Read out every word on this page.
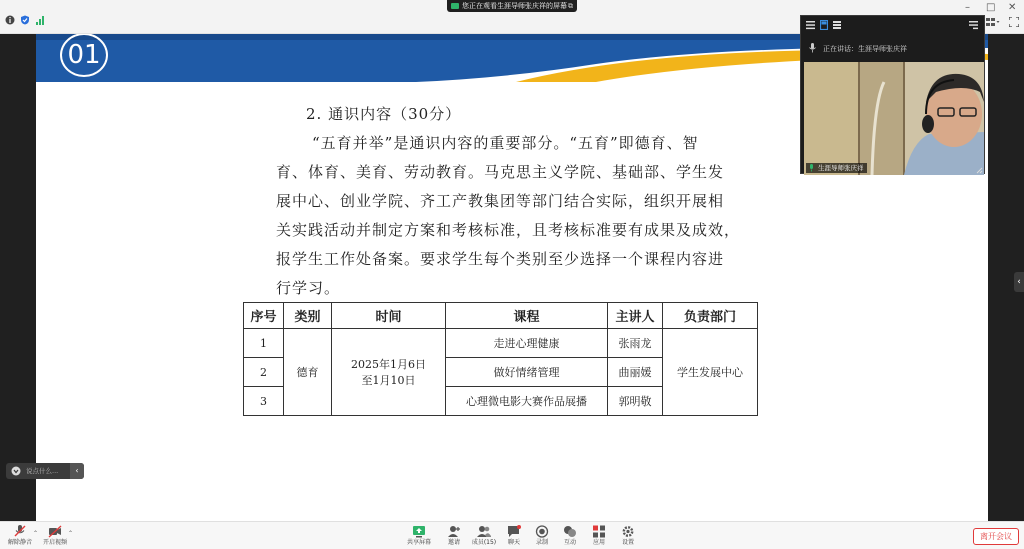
您正在观看生涯导师张庆祥的屏幕 ⧉	– □ ✕
01
2. 通识内容（30分）
“五育并举”是通识内容的重要部分。“五育”即德育、智
育、体育、美育、劳动教育。马克思主义学院、基础部、学生发
展中心、创业学院、齐工产教集团等部门结合实际，组织开展相
关实践活动并制定方案和考核标准，且考核标准要有成果及成效，
报学生工作处备案。要求学生每个类别至少选择一个课程内容进
行学习。
序号	类别	时间	课程	主讲人	负责部门
1	德育	2025年1月6日
至1月10日	走进心理健康	张雨龙	学生发展中心
2			做好情绪管理	曲丽媛	
3			心理微电影大赛作品展播	郭明敬	
‹
正在讲话：生涯导师张庆祥
生涯导师张庆祥
说点什么...	‹
解除静音
⌃
开启视频
⌃
共享屏幕	邀请	成员(15)	聊天	录制	互动	应用	设置
离开会议
